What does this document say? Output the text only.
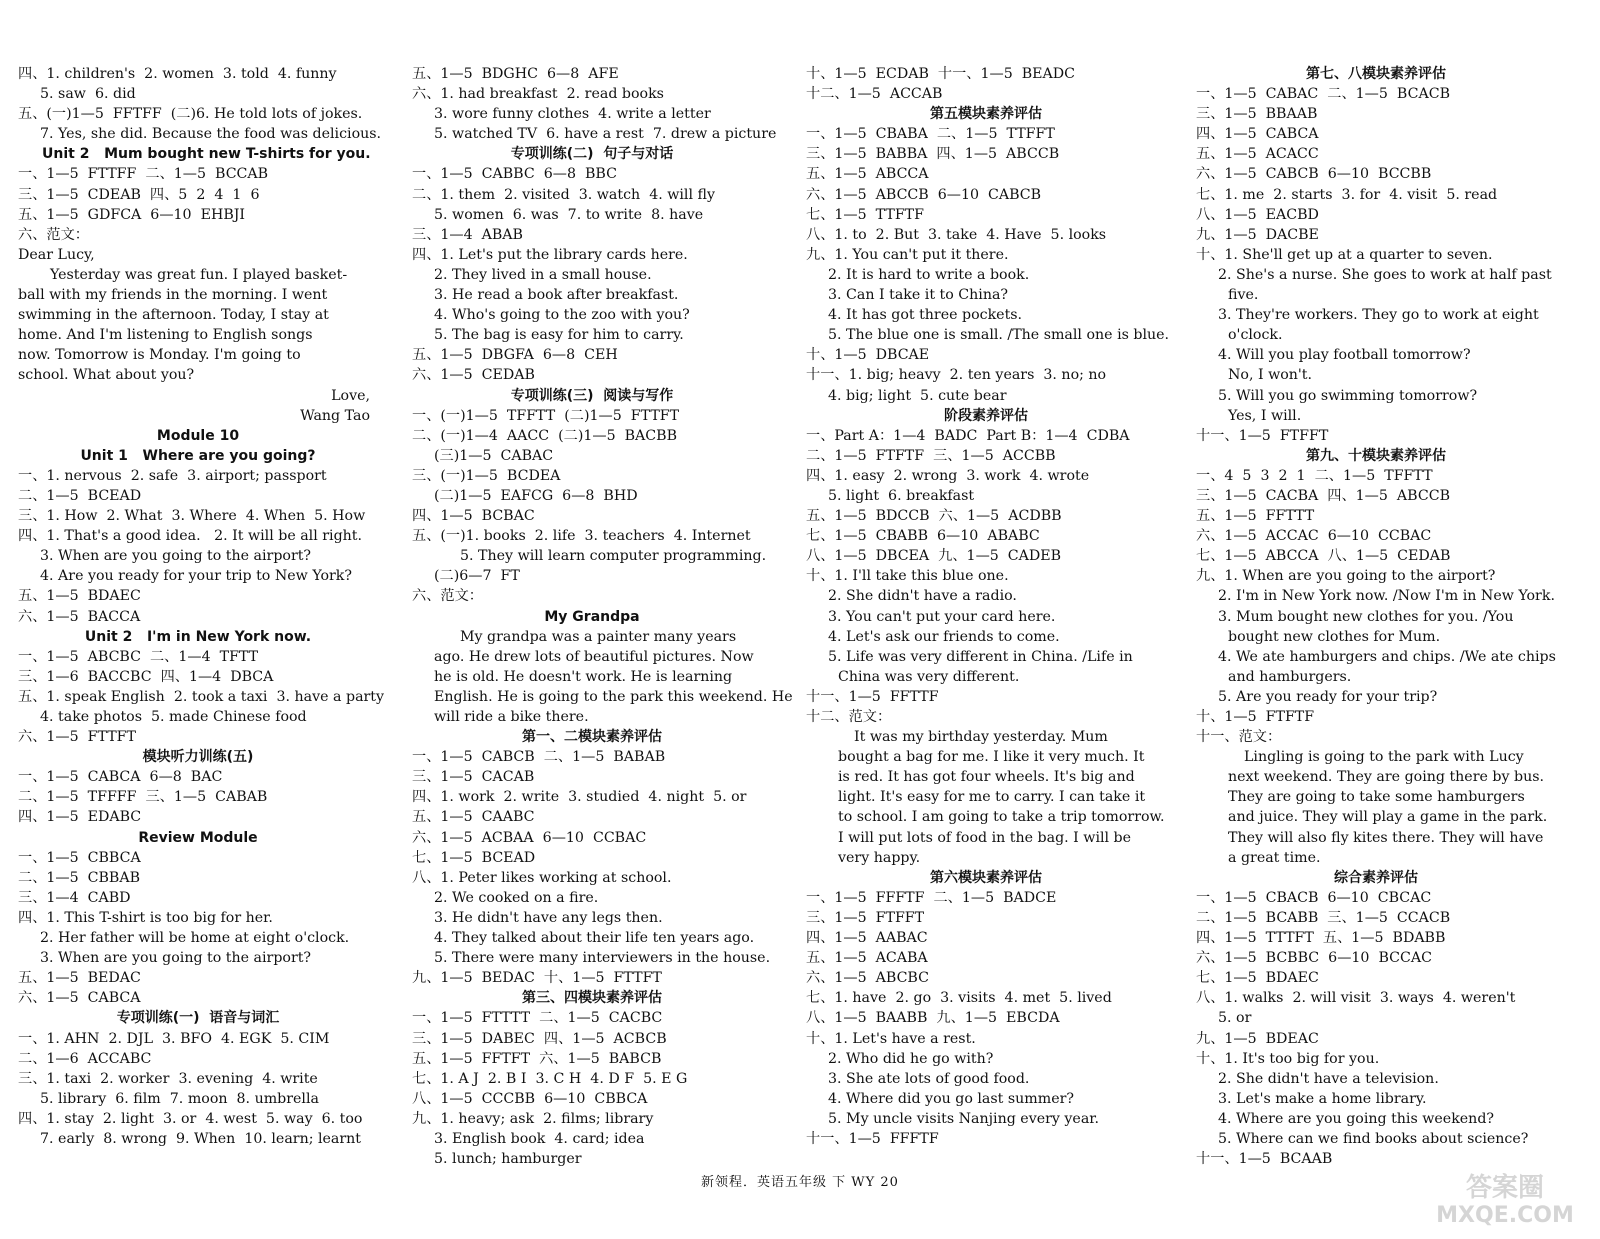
四、1. children's  2. women  3. told  4. funny
5. saw  6. did
五、(一)1—5  FFTFF  (二)6. He told lots of jokes.
7. Yes, she did. Because the food was delicious.
Unit 2   Mum bought new T-shirts for you.
一、1—5  FTTFF  二、1—5  BCCAB
三、1—5  CDEAB  四、5  2  4  1  6
五、1—5  GDFCA  6—10  EHBJI
六、范文：
Dear Lucy,
Yesterday was great fun. I played basket-
ball with my friends in the morning. I went
swimming in the afternoon. Today, I stay at
home. And I'm listening to English songs
now. Tomorrow is Monday. I'm going to
school. What about you?
Love,
Wang Tao
Module 10
Unit 1   Where are you going?
一、1. nervous  2. safe  3. airport; passport
二、1—5  BCEAD
三、1. How  2. What  3. Where  4. When  5. How
四、1. That's a good idea.   2. It will be all right.
3. When are you going to the airport?
4. Are you ready for your trip to New York?
五、1—5  BDAEC
六、1—5  BACCA
Unit 2   I'm in New York now.
一、1—5  ABCBC  二、1—4  TFTT
三、1—6  BACCBC  四、1—4  DBCA
五、1. speak English  2. took a taxi  3. have a party
4. take photos  5. made Chinese food
六、1—5  FTTFT
模块听力训练(五)
一、1—5  CABCA  6—8  BAC
二、1—5  TFFFF  三、1—5  CABAB
四、1—5  EDABC
Review Module
一、1—5  CBBCA
二、1—5  CBBAB
三、1—4  CABD
四、1. This T-shirt is too big for her.
2. Her father will be home at eight o'clock.
3. When are you going to the airport?
五、1—5  BEDAC
六、1—5  CABCA
专项训练(一)  语音与词汇
一、1. AHN  2. DJL  3. BFO  4. EGK  5. CIM
二、1—6  ACCABC
三、1. taxi  2. worker  3. evening  4. write
5. library  6. film  7. moon  8. umbrella
四、1. stay  2. light  3. or  4. west  5. way  6. too
7. early  8. wrong  9. When  10. learn; learnt
五、1—5  BDGHC  6—8  AFE
六、1. had breakfast  2. read books
3. wore funny clothes  4. write a letter
5. watched TV  6. have a rest  7. drew a picture
专项训练(二)  句子与对话
一、1—5  CABBC  6—8  BBC
二、1. them  2. visited  3. watch  4. will fly
5. women  6. was  7. to write  8. have
三、1—4  ABAB
四、1. Let's put the library cards here.
2. They lived in a small house.
3. He read a book after breakfast.
4. Who's going to the zoo with you?
5. The bag is easy for him to carry.
五、1—5  DBGFA  6—8  CEH
六、1—5  CEDAB
专项训练(三)  阅读与写作
一、(一)1—5  TFFTT  (二)1—5  FTTFT
二、(一)1—4  AACC  (二)1—5  BACBB
(三)1—5  CABAC
三、(一)1—5  BCDEA
(二)1—5  EAFCG  6—8  BHD
四、1—5  BCBAC
五、(一)1. books  2. life  3. teachers  4. Internet
5. They will learn computer programming.
(二)6—7  FT
六、范文：
My Grandpa
My grandpa was a painter many years
ago. He drew lots of beautiful pictures. Now
he is old. He doesn't work. He is learning
English. He is going to the park this weekend. He
will ride a bike there.
第一、二模块素养评估
一、1—5  CABCB  二、1—5  BABAB
三、1—5  CACAB
四、1. work  2. write  3. studied  4. night  5. or
五、1—5  CAABC
六、1—5  ACBAA  6—10  CCBAC
七、1—5  BCEAD
八、1. Peter likes working at school.
2. We cooked on a fire.
3. He didn't have any legs then.
4. They talked about their life ten years ago.
5. There were many interviewers in the house.
九、1—5  BEDAC  十、1—5  FTTFT
第三、四模块素养评估
一、1—5  FTTTT  二、1—5  CACBC
三、1—5  DABEC  四、1—5  ACBCB
五、1—5  FFTFT  六、1—5  BABCB
七、1. A J  2. B I  3. C H  4. D F  5. E G
八、1—5  CCCBB  6—10  CBBCA
九、1. heavy; ask  2. films; library
3. English book  4. card; idea
5. lunch; hamburger
十、1—5  ECDAB  十一、1—5  BEADC
十二、1—5  ACCAB
第五模块素养评估
一、1—5  CBABA  二、1—5  TTFFT
三、1—5  BABBA  四、1—5  ABCCB
五、1—5  ABCCA
六、1—5  ABCCB  6—10  CABCB
七、1—5  TTFTF
八、1. to  2. But  3. take  4. Have  5. looks
九、1. You can't put it there.
2. It is hard to write a book.
3. Can I take it to China?
4. It has got three pockets.
5. The blue one is small. /The small one is blue.
十、1—5  DBCAE
十一、1. big; heavy  2. ten years  3. no; no
4. big; light  5. cute bear
阶段素养评估
一、Part A：1—4  BADC  Part B：1—4  CDBA
二、1—5  FTFTF  三、1—5  ACCBB
四、1. easy  2. wrong  3. work  4. wrote
5. light  6. breakfast
五、1—5  BDCCB  六、1—5  ACDBB
七、1—5  CBABB  6—10  ABABC
八、1—5  DBCEA  九、1—5  CADEB
十、1. I'll take this blue one.
2. She didn't have a radio.
3. You can't put your card here.
4. Let's ask our friends to come.
5. Life was very different in China. /Life in
China was very different.
十一、1—5  FFTTF
十二、范文：
It was my birthday yesterday. Mum
bought a bag for me. I like it very much. It
is red. It has got four wheels. It's big and
light. It's easy for me to carry. I can take it
to school. I am going to take a trip tomorrow.
I will put lots of food in the bag. I will be
very happy.
第六模块素养评估
一、1—5  FFFTF  二、1—5  BADCE
三、1—5  FTFFT
四、1—5  AABAC
五、1—5  ACABA
六、1—5  ABCBC
七、1. have  2. go  3. visits  4. met  5. lived
八、1—5  BAABB  九、1—5  EBCDA
十、1. Let's have a rest.
2. Who did he go with?
3. She ate lots of good food.
4. Where did you go last summer?
5. My uncle visits Nanjing every year.
十一、1—5  FFFTF
第七、八模块素养评估
一、1—5  CABAC  二、1—5  BCACB
三、1—5  BBAAB
四、1—5  CABCA
五、1—5  ACACC
六、1—5  CABCB  6—10  BCCBB
七、1. me  2. starts  3. for  4. visit  5. read
八、1—5  EACBD
九、1—5  DACBE
十、1. She'll get up at a quarter to seven.
2. She's a nurse. She goes to work at half past
five.
3. They're workers. They go to work at eight
o'clock.
4. Will you play football tomorrow?
No, I won't.
5. Will you go swimming tomorrow?
Yes, I will.
十一、1—5  FTFFT
第九、十模块素养评估
一、4  5  3  2  1  二、1—5  TFFTT
三、1—5  CACBA  四、1—5  ABCCB
五、1—5  FFTTT
六、1—5  ACCAC  6—10  CCBAC
七、1—5  ABCCA  八、1—5  CEDAB
九、1. When are you going to the airport?
2. I'm in New York now. /Now I'm in New York.
3. Mum bought new clothes for you. /You
bought new clothes for Mum.
4. We ate hamburgers and chips. /We ate chips
and hamburgers.
5. Are you ready for your trip?
十、1—5  FTFTF
十一、范文：
Lingling is going to the park with Lucy
next weekend. They are going there by bus.
They are going to take some hamburgers
and juice. They will play a game in the park.
They will also fly kites there. They will have
a great time.
综合素养评估
一、1—5  CBACB  6—10  CBCAC
二、1—5  BCABB  三、1—5  CCACB
四、1—5  TTTFT  五、1—5  BDABB
六、1—5  BCBBC  6—10  BCCAC
七、1—5  BDAEC
八、1. walks  2. will visit  3. ways  4. weren't
5. or
九、1—5  BDEAC
十、1. It's too big for you.
2. She didn't have a television.
3. Let's make a home library.
4. Where are you going this weekend?
5. Where can we find books about science?
十一、1—5  BCAAB
新领程．英语五年级 下 WY 20	答案圈
MXQE.COM
